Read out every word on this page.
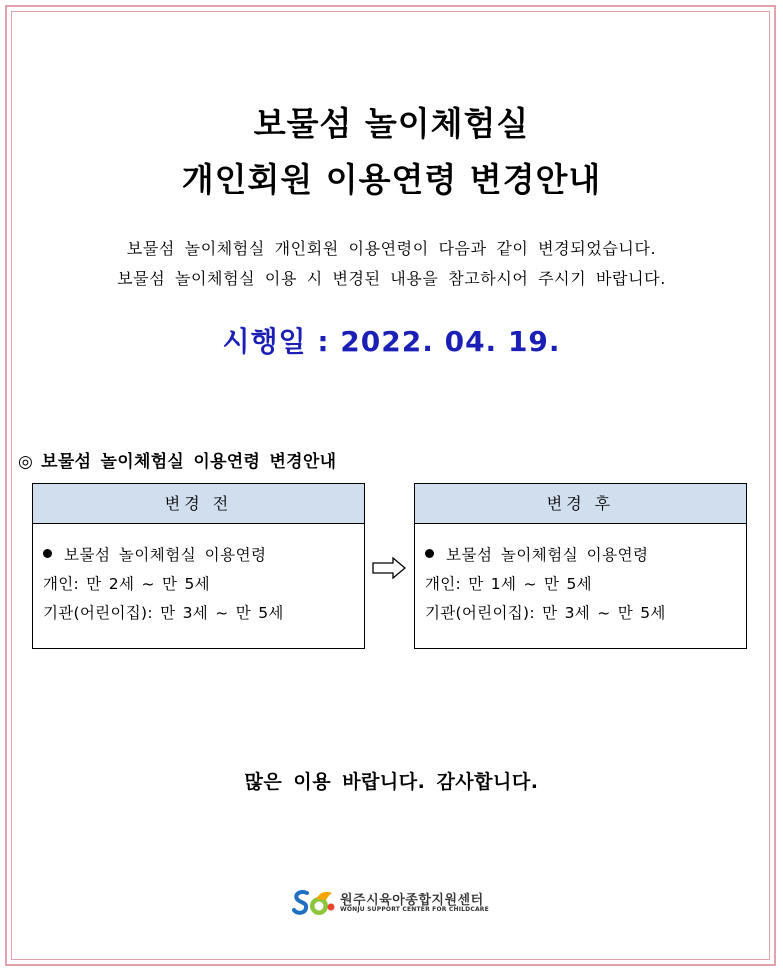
보물섬 놀이체험실
개인회원 이용연령 변경안내
보물섬 놀이체험실 개인회원 이용연령이 다음과 같이 변경되었습니다.
보물섬 놀이체험실 이용 시 변경된 내용을 참고하시어 주시기 바랍니다.
시행일 : 2022. 04. 19.
◎ 보물섬 놀이체험실 이용연령 변경안내
변경 전
보물섬 놀이체험실 이용연령
개인: 만 2세 ~ 만 5세
기관(어린이집): 만 3세 ~ 만 5세
변경 후
보물섬 놀이체험실 이용연령
개인: 만 1세 ~ 만 5세
기관(어린이집): 만 3세 ~ 만 5세
많은 이용 바랍니다. 감사합니다.
원주시육아종합지원센터
WONJU SUPPORT CENTER FOR CHILDCARE
